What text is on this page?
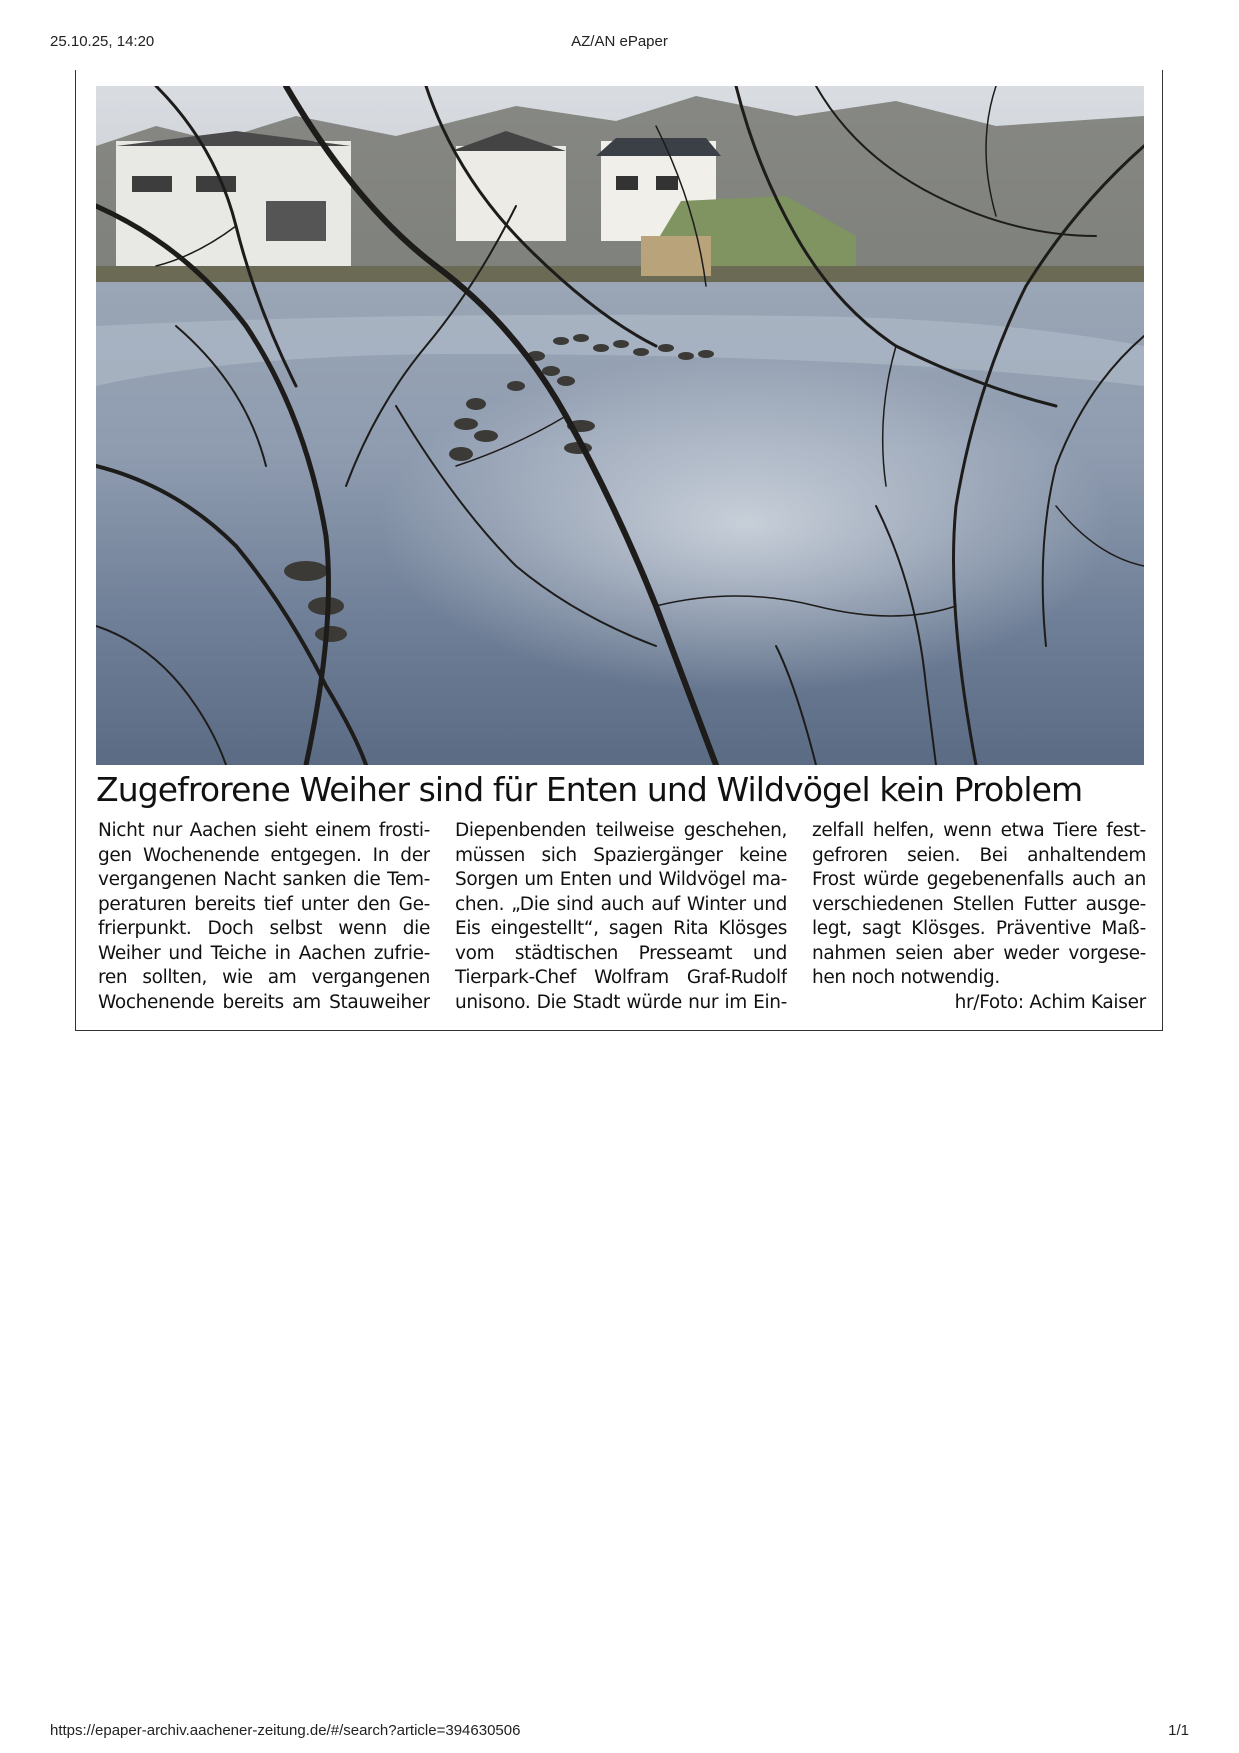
25.10.25, 14:20	AZ/AN ePaper
Zugefrorene Weiher sind für Enten und Wildvögel kein Problem
Nicht nur Aachen sieht einem frosti-
gen Wochenende entgegen. In der
vergangenen Nacht sanken die Tem-
peraturen bereits tief unter den Ge-
frierpunkt. Doch selbst wenn die
Weiher und Teiche in Aachen zufrie-
ren sollten, wie am vergangenen
Wochenende bereits am Stauweiher
Diepenbenden teilweise geschehen,
müssen sich Spaziergänger keine
Sorgen um Enten und Wildvögel ma-
chen. „Die sind auch auf Winter und
Eis eingestellt“, sagen Rita Klösges
vom städtischen Presseamt und
Tierpark-Chef Wolfram Graf-Rudolf
unisono. Die Stadt würde nur im Ein-
zelfall helfen, wenn etwa Tiere fest-
gefroren seien. Bei anhaltendem
Frost würde gegebenenfalls auch an
verschiedenen Stellen Futter ausge-
legt, sagt Klösges. Präventive Maß-
nahmen seien aber weder vorgese-
hen noch notwendig.
hr/Foto: Achim Kaiser
https://epaper-archiv.aachener-zeitung.de/#/search?article=394630506	1/1
